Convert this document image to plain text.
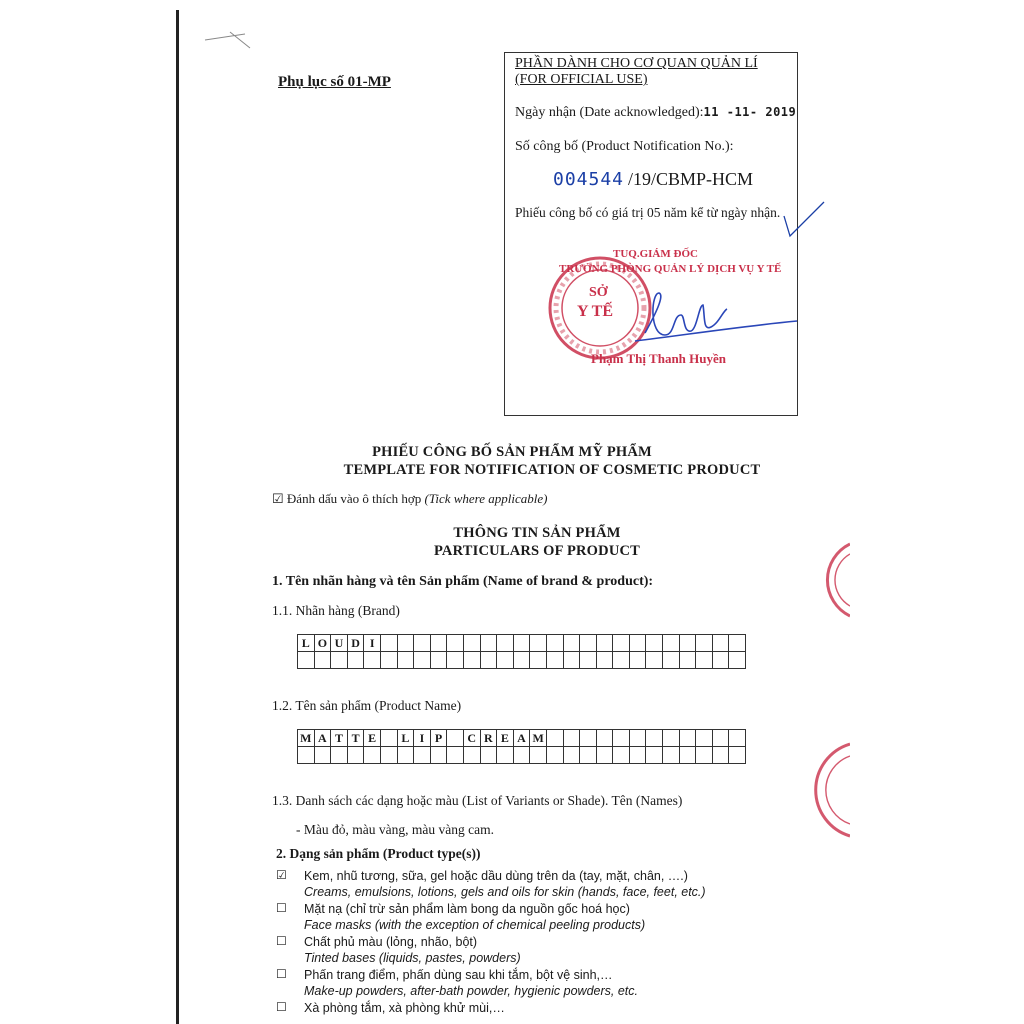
Phụ lục số 01-MP
PHẦN DÀNH CHO CƠ QUAN QUẢN LÍ
(FOR OFFICIAL USE)
Ngày nhận (Date acknowledged):11 -11- 2019
Số công bố (Product Notification No.):
004544 /19/CBMP-HCM
Phiếu công bố có giá trị 05 năm kể từ ngày nhận.
TUQ.GIÁM ĐỐC
TRƯỞNG PHÒNG QUẢN LÝ DỊCH VỤ Y TẾ
SỞ
Y TẾ
Phạm Thị Thanh Huyền
PHIẾU CÔNG BỐ SẢN PHẨM MỸ PHẨM
TEMPLATE FOR NOTIFICATION OF COSMETIC PRODUCT
☑ Đánh dấu vào ô thích hợp (Tick where applicable)
THÔNG TIN SẢN PHẨM
PARTICULARS OF PRODUCT
1. Tên nhãn hàng và tên Sản phẩm (Name of brand & product):
1.1. Nhãn hàng (Brand)
L	O	U	D	I																						

1.2. Tên sản phẩm (Product Name)
M	A	T	T	E		L	I	P		C	R	E	A	M												

1.3. Danh sách các dạng hoặc màu (List of Variants or Shade). Tên (Names)
- Màu đỏ, màu vàng, màu vàng cam.
2. Dạng sản phẩm (Product type(s))
☑ Kem, nhũ tương, sữa, gel hoặc dầu dùng trên da (tay, mặt, chân, ….)
Creams, emulsions, lotions, gels and oils for skin (hands, face, feet, etc.)
☐ Mặt nạ (chỉ trừ sản phẩm làm bong da nguồn gốc hoá học)
Face masks (with the exception of chemical peeling products)
☐ Chất phủ màu (lỏng, nhão, bột)
Tinted bases (liquids, pastes, powders)
☐ Phấn trang điểm, phấn dùng sau khi tắm, bột vệ sinh,…
Make-up powders, after-bath powder, hygienic powders, etc.
☐ Xà phòng tắm, xà phòng khử mùi,…
